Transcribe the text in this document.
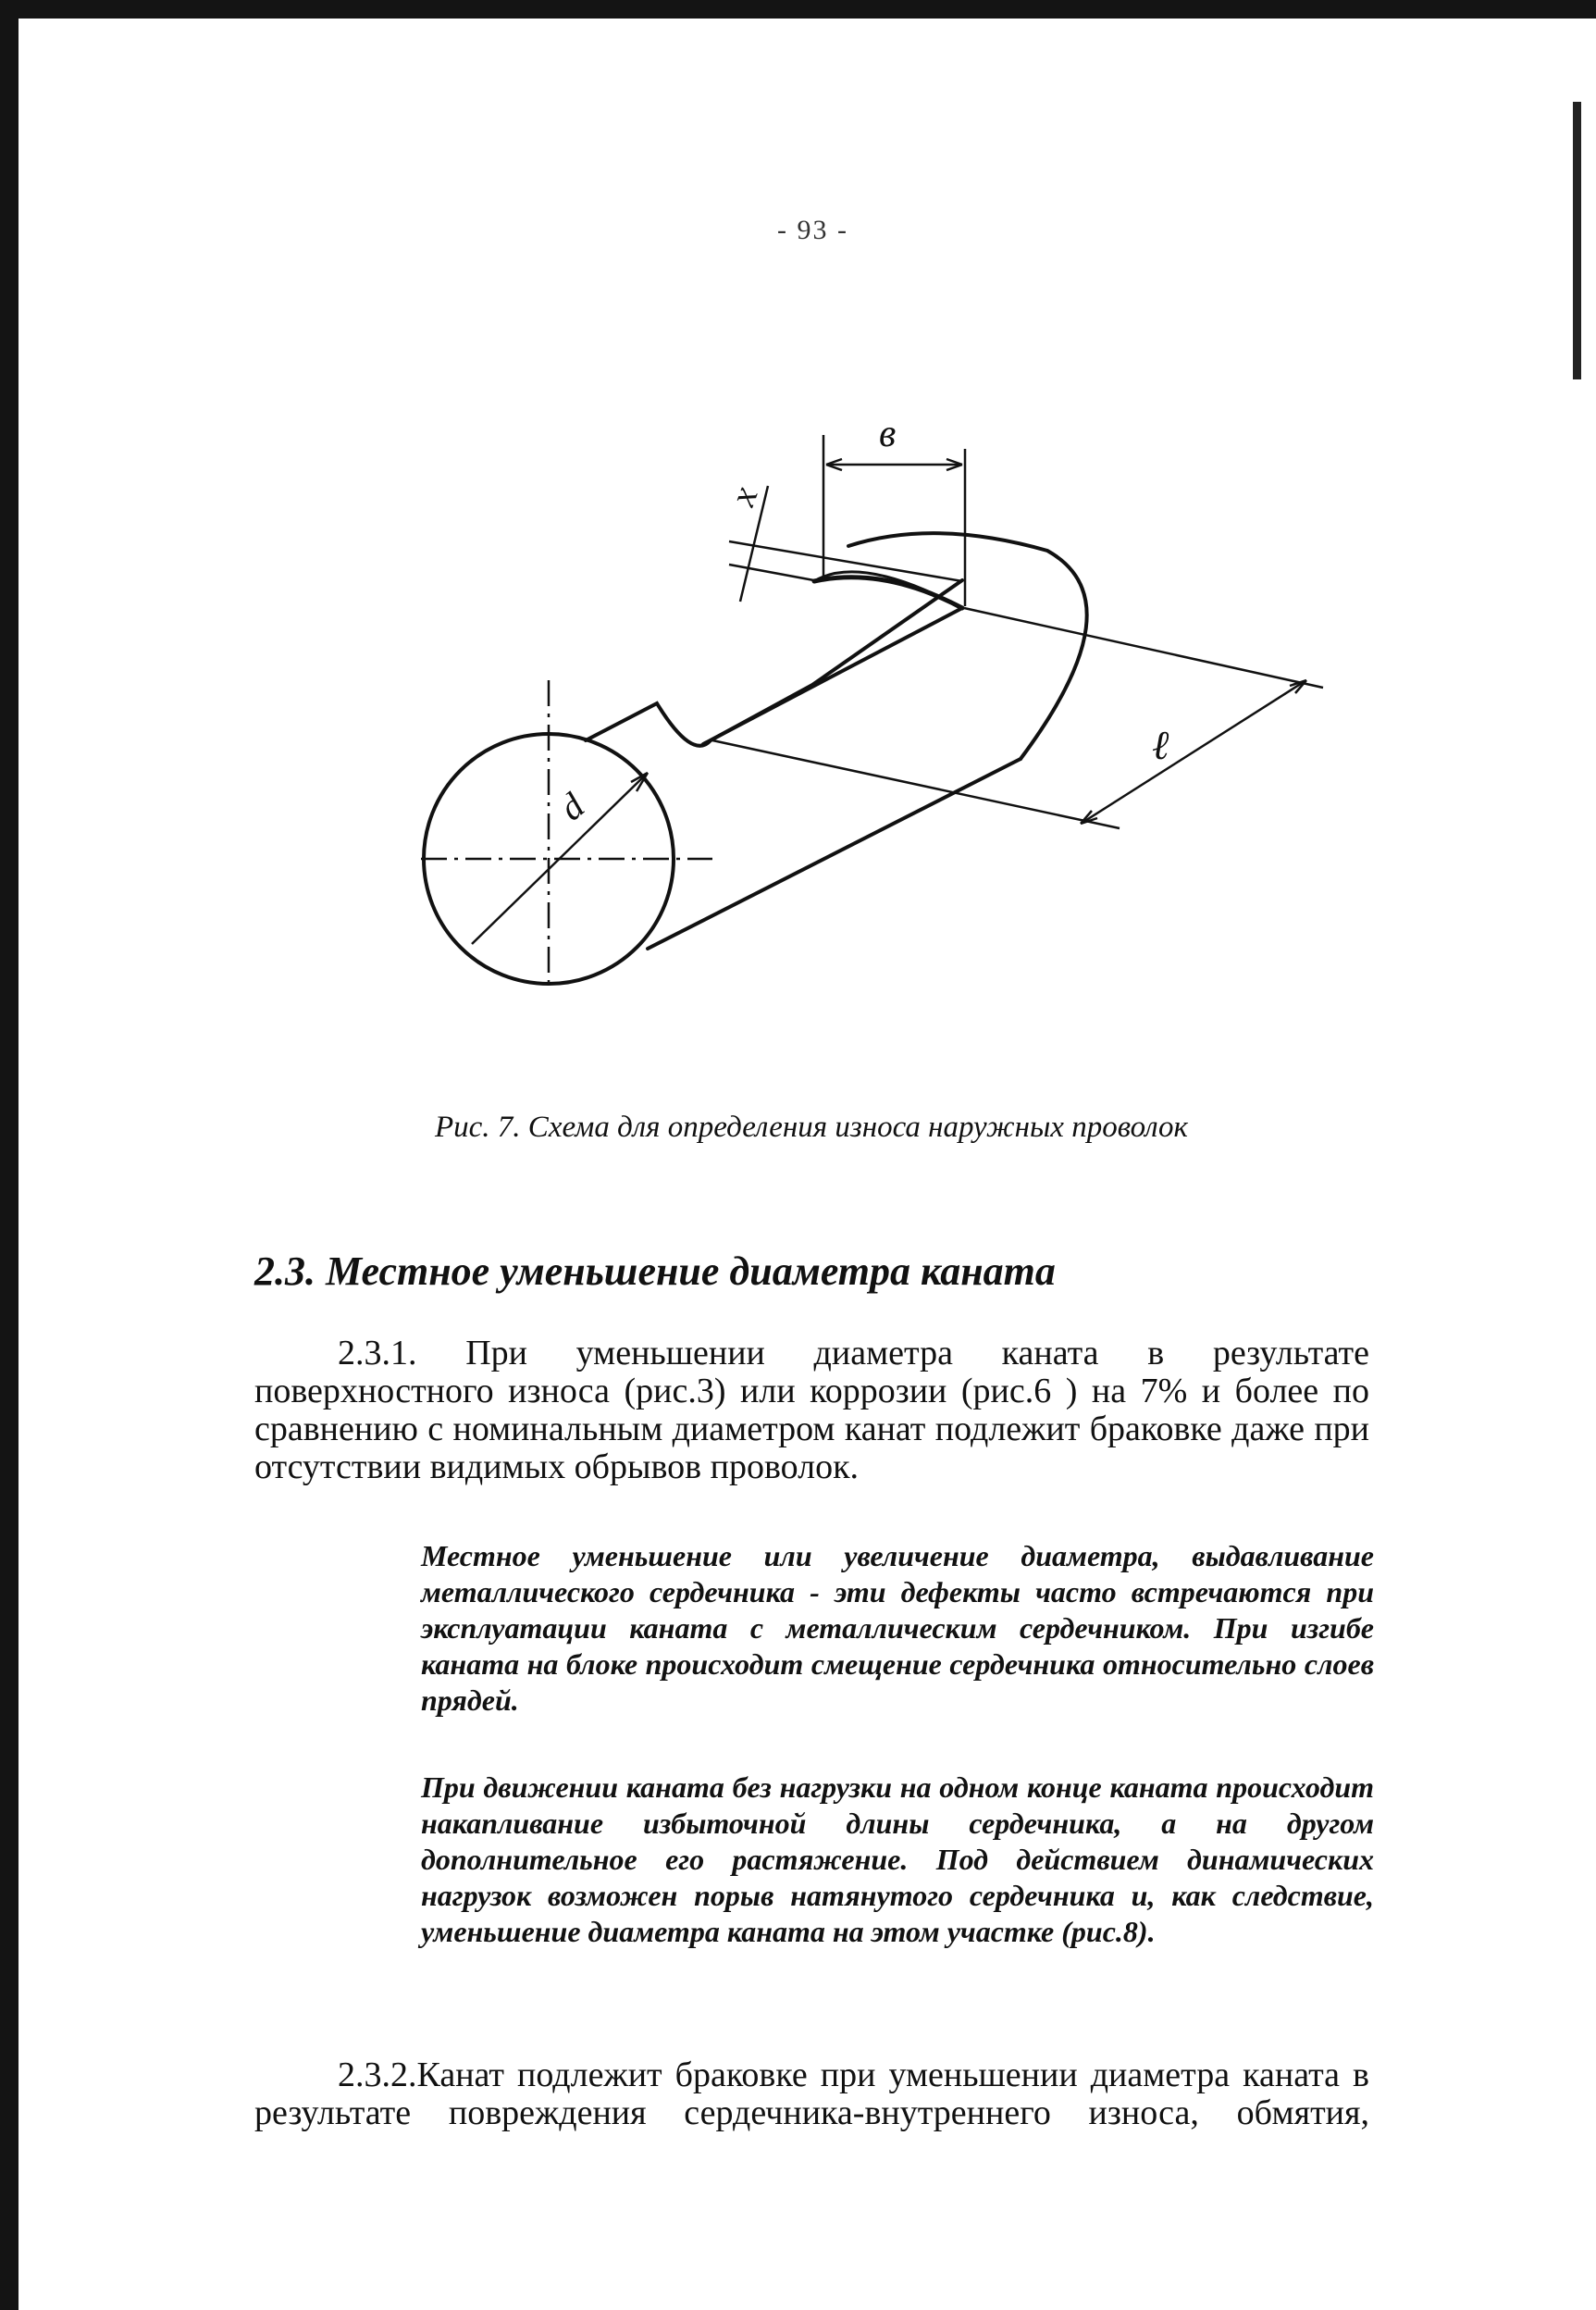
- 93 -
в
х
ℓ
d
Рис. 7. Схема для определения износа наружных проволок
2.3. Местное уменьшение диаметра каната

2.3.1. При уменьшении диаметра каната в результате поверхностного износа (рис.3) или коррозии (рис.6 ) на 7% и более по сравнению с номинальным диаметром канат подлежит браковке даже при отсутствии видимых обрывов проволок.

Местное уменьшение или увеличение диаметра, выдавливание металлического сердечника - эти дефекты часто встречаются при эксплуатации каната с металлическим сердечником. При изгибе каната на блоке происходит смещение сердечника относительно слоев прядей.

При движении каната без нагрузки на одном конце каната происходит накапливание избыточной длины сердечника, а на другом дополнительное его растяжение. Под действием динамических нагрузок возможен порыв натянутого сердечника и, как следствие, уменьшение диаметра каната на этом участке (рис.8).

2.3.2.Канат подлежит браковке при уменьшении диаметра каната в результате повреждения сердечника-внутреннего износа, обмятия,
